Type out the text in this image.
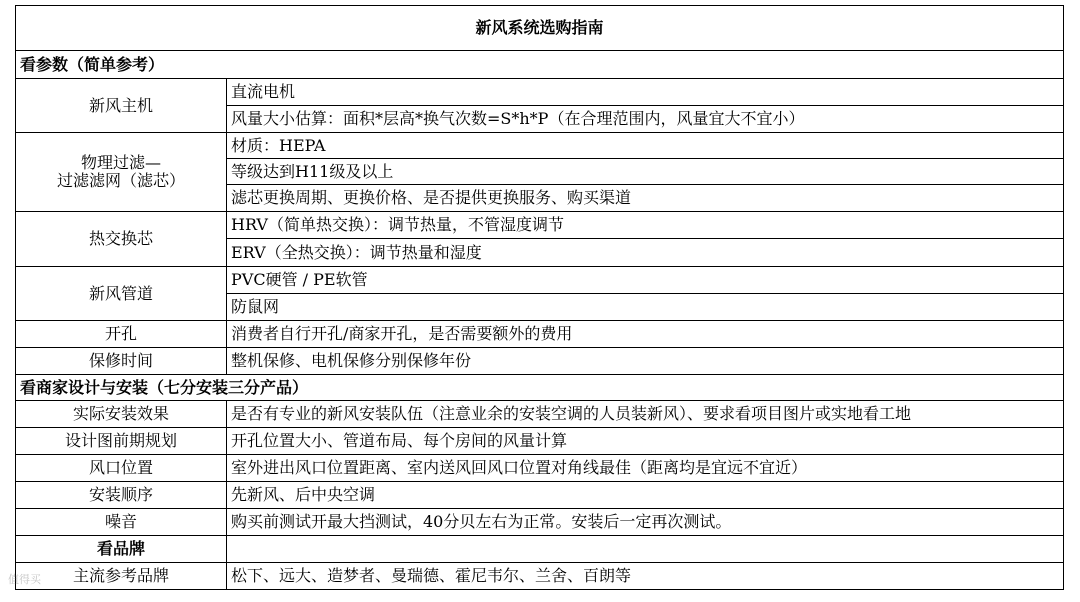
新风系统选购指南	
看参数（简单参考）	
新风主机	直流电机
	风量大小估算：面积*层高*换气次数=S*h*P（在合理范围内，风量宜大不宜小）

物理过滤—
过滤滤网（滤芯）	材质：HEPA
	等级达到H11级及以上
	滤芯更换周期、更换价格、是否提供更换服务、购买渠道
热交换芯	HRV（简单热交换）：调节热量，不管湿度调节
	ERV（全热交换）：调节热量和湿度
新风管道	PVC硬管 / PE软管
	防鼠网
开孔	消费者自行开孔/商家开孔，是否需要额外的费用
保修时间	整机保修、电机保修分别保修年份
看商家设计与安装（七分安装三分产品）	
实际安装效果	是否有专业的新风安装队伍（注意业余的安装空调的人员装新风）、要求看项目图片或实地看工地
设计图前期规划	开孔位置大小、管道布局、每个房间的风量计算
风口位置	室外进出风口位置距离、室内送风回风口位置对角线最佳（距离均是宜远不宜近）
安装顺序	先新风、后中央空调
噪音	购买前测试开最大挡测试，40分贝左右为正常。安装后一定再次测试。
看品牌	
主流参考品牌	松下、远大、造梦者、曼瑞德、霍尼韦尔、兰舍、百朗等
值得买
